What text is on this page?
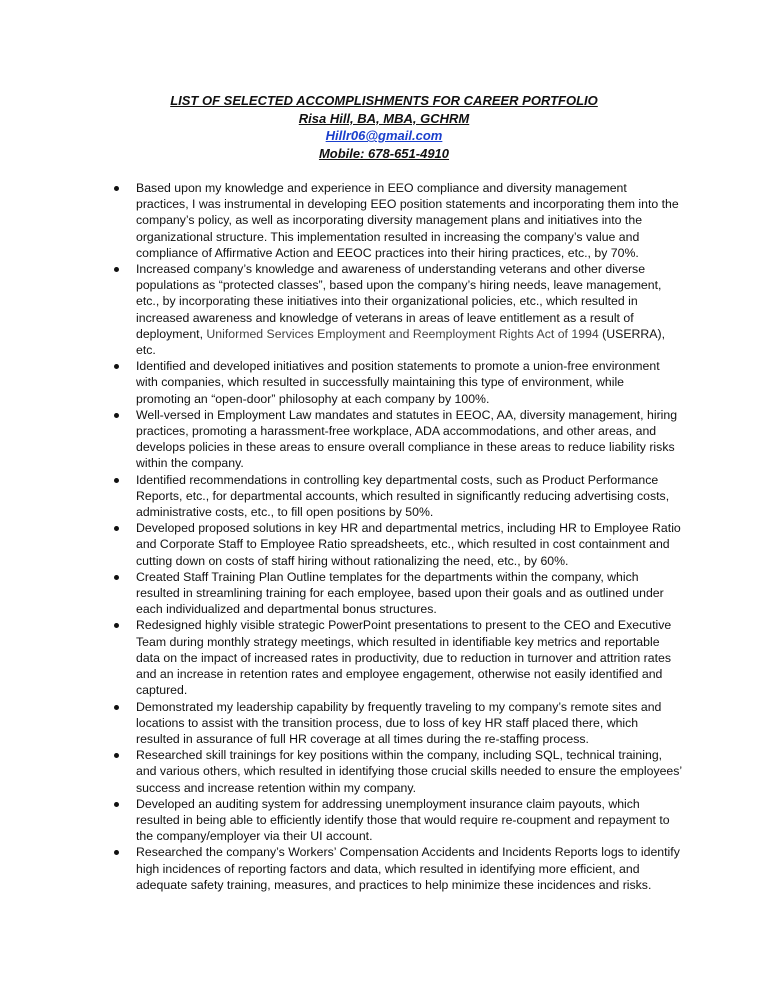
LIST OF SELECTED ACCOMPLISHMENTS FOR CAREER PORTFOLIO
Risa Hill, BA, MBA, GCHRM
Hillr06@gmail.com
Mobile: 678-651-4910
Based upon my knowledge and experience in EEO compliance and diversity management practices, I was instrumental in developing EEO position statements and incorporating them into the company’s policy, as well as incorporating diversity management plans and initiatives into the organizational structure. This implementation resulted in increasing the company’s value and compliance of Affirmative Action and EEOC practices into their hiring practices, etc., by 70%.
Increased company’s knowledge and awareness of understanding veterans and other diverse populations as “protected classes”, based upon the company’s hiring needs, leave management, etc., by incorporating these initiatives into their organizational policies, etc., which resulted in increased awareness and knowledge of veterans in areas of leave entitlement as a result of deployment, Uniformed Services Employment and Reemployment Rights Act of 1994 (USERRA), etc.
Identified and developed initiatives and position statements to promote a union-free environment with companies, which resulted in successfully maintaining this type of environment, while promoting an “open-door” philosophy at each company by 100%.
Well-versed in Employment Law mandates and statutes in EEOC, AA, diversity management, hiring practices, promoting a harassment-free workplace, ADA accommodations, and other areas, and develops policies in these areas to ensure overall compliance in these areas to reduce liability risks within the company.
Identified recommendations in controlling key departmental costs, such as Product Performance Reports, etc., for departmental accounts, which resulted in significantly reducing advertising costs, administrative costs, etc., to fill open positions by 50%.
Developed proposed solutions in key HR and departmental metrics, including HR to Employee Ratio and Corporate Staff to Employee Ratio spreadsheets, etc., which resulted in cost containment and cutting down on costs of staff hiring without rationalizing the need, etc., by 60%.
Created Staff Training Plan Outline templates for the departments within the company, which resulted in streamlining training for each employee, based upon their goals and as outlined under each individualized and departmental bonus structures.
Redesigned highly visible strategic PowerPoint presentations to present to the CEO and Executive Team during monthly strategy meetings, which resulted in identifiable key metrics and reportable data on the impact of increased rates in productivity, due to reduction in turnover and attrition rates and an increase in retention rates and employee engagement, otherwise not easily identified and captured.
Demonstrated my leadership capability by frequently traveling to my company’s remote sites and locations to assist with the transition process, due to loss of key HR staff placed there, which resulted in assurance of full HR coverage at all times during the re-staffing process.
Researched skill trainings for key positions within the company, including SQL, technical training, and various others, which resulted in identifying those crucial skills needed to ensure the employees’ success and increase retention within my company.
Developed an auditing system for addressing unemployment insurance claim payouts, which resulted in being able to efficiently identify those that would require re-coupment and repayment to the company/employer via their UI account.
Researched the company’s Workers’ Compensation Accidents and Incidents Reports logs to identify high incidences of reporting factors and data, which resulted in identifying more efficient, and adequate safety training, measures, and practices to help minimize these incidences and risks.
